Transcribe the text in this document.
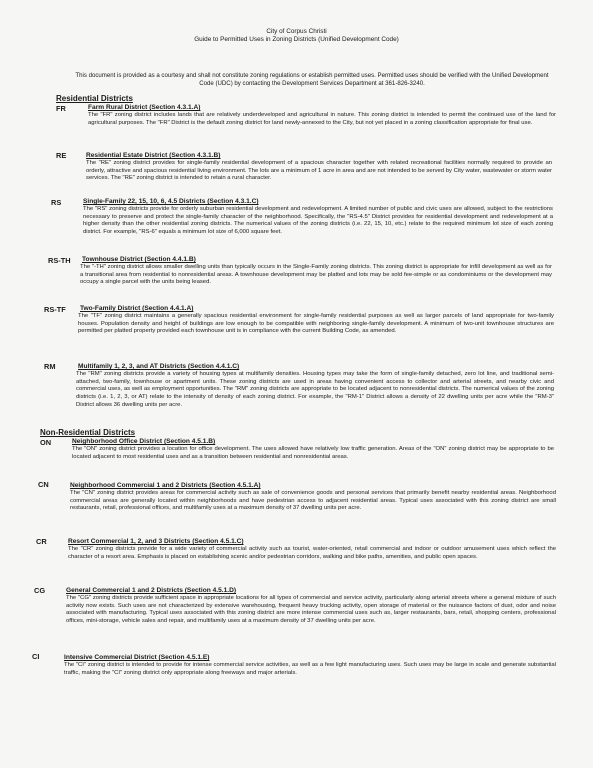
City of Corpus Christi
Guide to Permitted Uses in Zoning Districts (Unified Development Code)
This document is provided as a courtesy and shall not constitute zoning regulations or establish permitted uses. Permitted uses should be verified with the Unified Development Code (UDC) by contacting the Development Services Department at 361-826-3240.
Residential Districts
FR	Farm Rural District (Section 4.3.1.A)
The "FR" zoning district includes lands that are relatively underdeveloped and agricultural in nature. This zoning district is intended to permit the continued use of the land for agricultural purposes. The "FR" District is the default zoning district for land newly-annexed to the City, but not yet placed in a zoning classification appropriate for final use.
RE	Residential Estate District (Section 4.3.1.B)
The "RE" zoning district provides for single-family residential development of a spacious character together with related recreational facilities normally required to provide an orderly, attractive and spacious residential living environment. The lots are a minimum of 1 acre in area and are not intended to be served by City water, wastewater or storm water services. The "RE" zoning district is intended to retain a rural character.
RS	Single-Family 22, 15, 10, 6, 4.5 Districts (Section 4.3.1.C)
The "RS" zoning districts provide for orderly suburban residential development and redevelopment. A limited number of public and civic uses are allowed, subject to the restrictions necessary to preserve and protect the single-family character of the neighborhood. Specifically, the "RS-4.5" District provides for residential development and redevelopment at a higher density than the other residential zoning districts. The numerical values of the zoning districts (i.e. 22, 15, 10, etc.) relate to the required minimum lot size of each zoning district. For example, "RS-6" equals a minimum lot size of 6,000 square feet.
RS-TH Townhouse District (Section 4.4.1.B)
The "-TH" zoning district allows smaller dwelling units than typically occurs in the Single-Family zoning districts. This zoning district is appropriate for infill development as well as for a transitional area from residential to nonresidential areas. A townhouse development may be platted and lots may be sold fee-simple or as condominiums or the development may occupy a single parcel with the units being leased.
RS-TF Two-Family District (Section 4.4.1.A)
The "TF" zoning district maintains a generally spacious residential environment for single-family residential purposes as well as larger parcels of land appropriate for two-family houses. Population density and height of buildings are low enough to be compatible with neighboring single-family development. A minimum of two-unit townhouse structures are permitted per platted property provided each townhouse unit is in compliance with the current Building Code, as amended.
RM	Multifamily 1, 2, 3, and AT Districts (Section 4.4.1.C)
The "RM" zoning districts provide a variety of housing types at multifamily densities. Housing types may take the form of single-family detached, zero lot line, and traditional semi-attached, two-family, townhouse or apartment units. These zoning districts are used in areas having convenient access to collector and arterial streets, and nearby civic and commercial uses, as well as employment opportunities. The "RM" zoning districts are appropriate to be located adjacent to nonresidential districts. The numerical values of the zoning districts (i.e. 1, 2, 3, or AT) relate to the intensity of density of each zoning district. For example, the "RM-1" District allows a density of 22 dwelling units per acre while the "RM-3" District allows 36 dwelling units per acre.
Non-Residential Districts
ON	Neighborhood Office District (Section 4.5.1.B)
The "ON" zoning district provides a location for office development. The uses allowed have relatively low traffic generation. Areas of the "ON" zoning district may be appropriate to be located adjacent to most residential uses and as a transition between residential and nonresidential areas.
CN	Neighborhood Commercial 1 and 2 Districts (Section 4.5.1.A)
The "CN" zoning district provides areas for commercial activity such as sale of convenience goods and personal services that primarily benefit nearby residential areas. Neighborhood commercial areas are generally located within neighborhoods and have pedestrian access to adjacent residential areas. Typical uses associated with this zoning district are small restaurants, retail, professional offices, and multifamily uses at a maximum density of 37 dwelling units per acre.
CR	Resort Commercial 1, 2, and 3 Districts (Section 4.5.1.C)
The "CR" zoning districts provide for a wide variety of commercial activity such as tourist, water-oriented, retail commercial and indoor or outdoor amusement uses which reflect the character of a resort area. Emphasis is placed on establishing scenic and/or pedestrian corridors, walking and bike paths, amenities, and public open spaces.
CG	General Commercial 1 and 2 Districts (Section 4.5.1.D)
The "CG" zoning districts provide sufficient space in appropriate locations for all types of commercial and service activity, particularly along arterial streets where a general mixture of such activity now exists. Such uses are not characterized by extensive warehousing, frequent heavy trucking activity, open storage of material or the nuisance factors of dust, odor and noise associated with manufacturing. Typical uses associated with this zoning district are more intense commercial uses such as, larger restaurants, bars, retail, shopping centers, professional offices, mini-storage, vehicle sales and repair, and multifamily uses at a maximum density of 37 dwelling units per acre.
CI	Intensive Commercial District (Section 4.5.1.E)
The "CI" zoning district is intended to provide for intense commercial service activities, as well as a few light manufacturing uses. Such uses may be large in scale and generate substantial traffic, making the "CI" zoning district only appropriate along freeways and major arterials.
